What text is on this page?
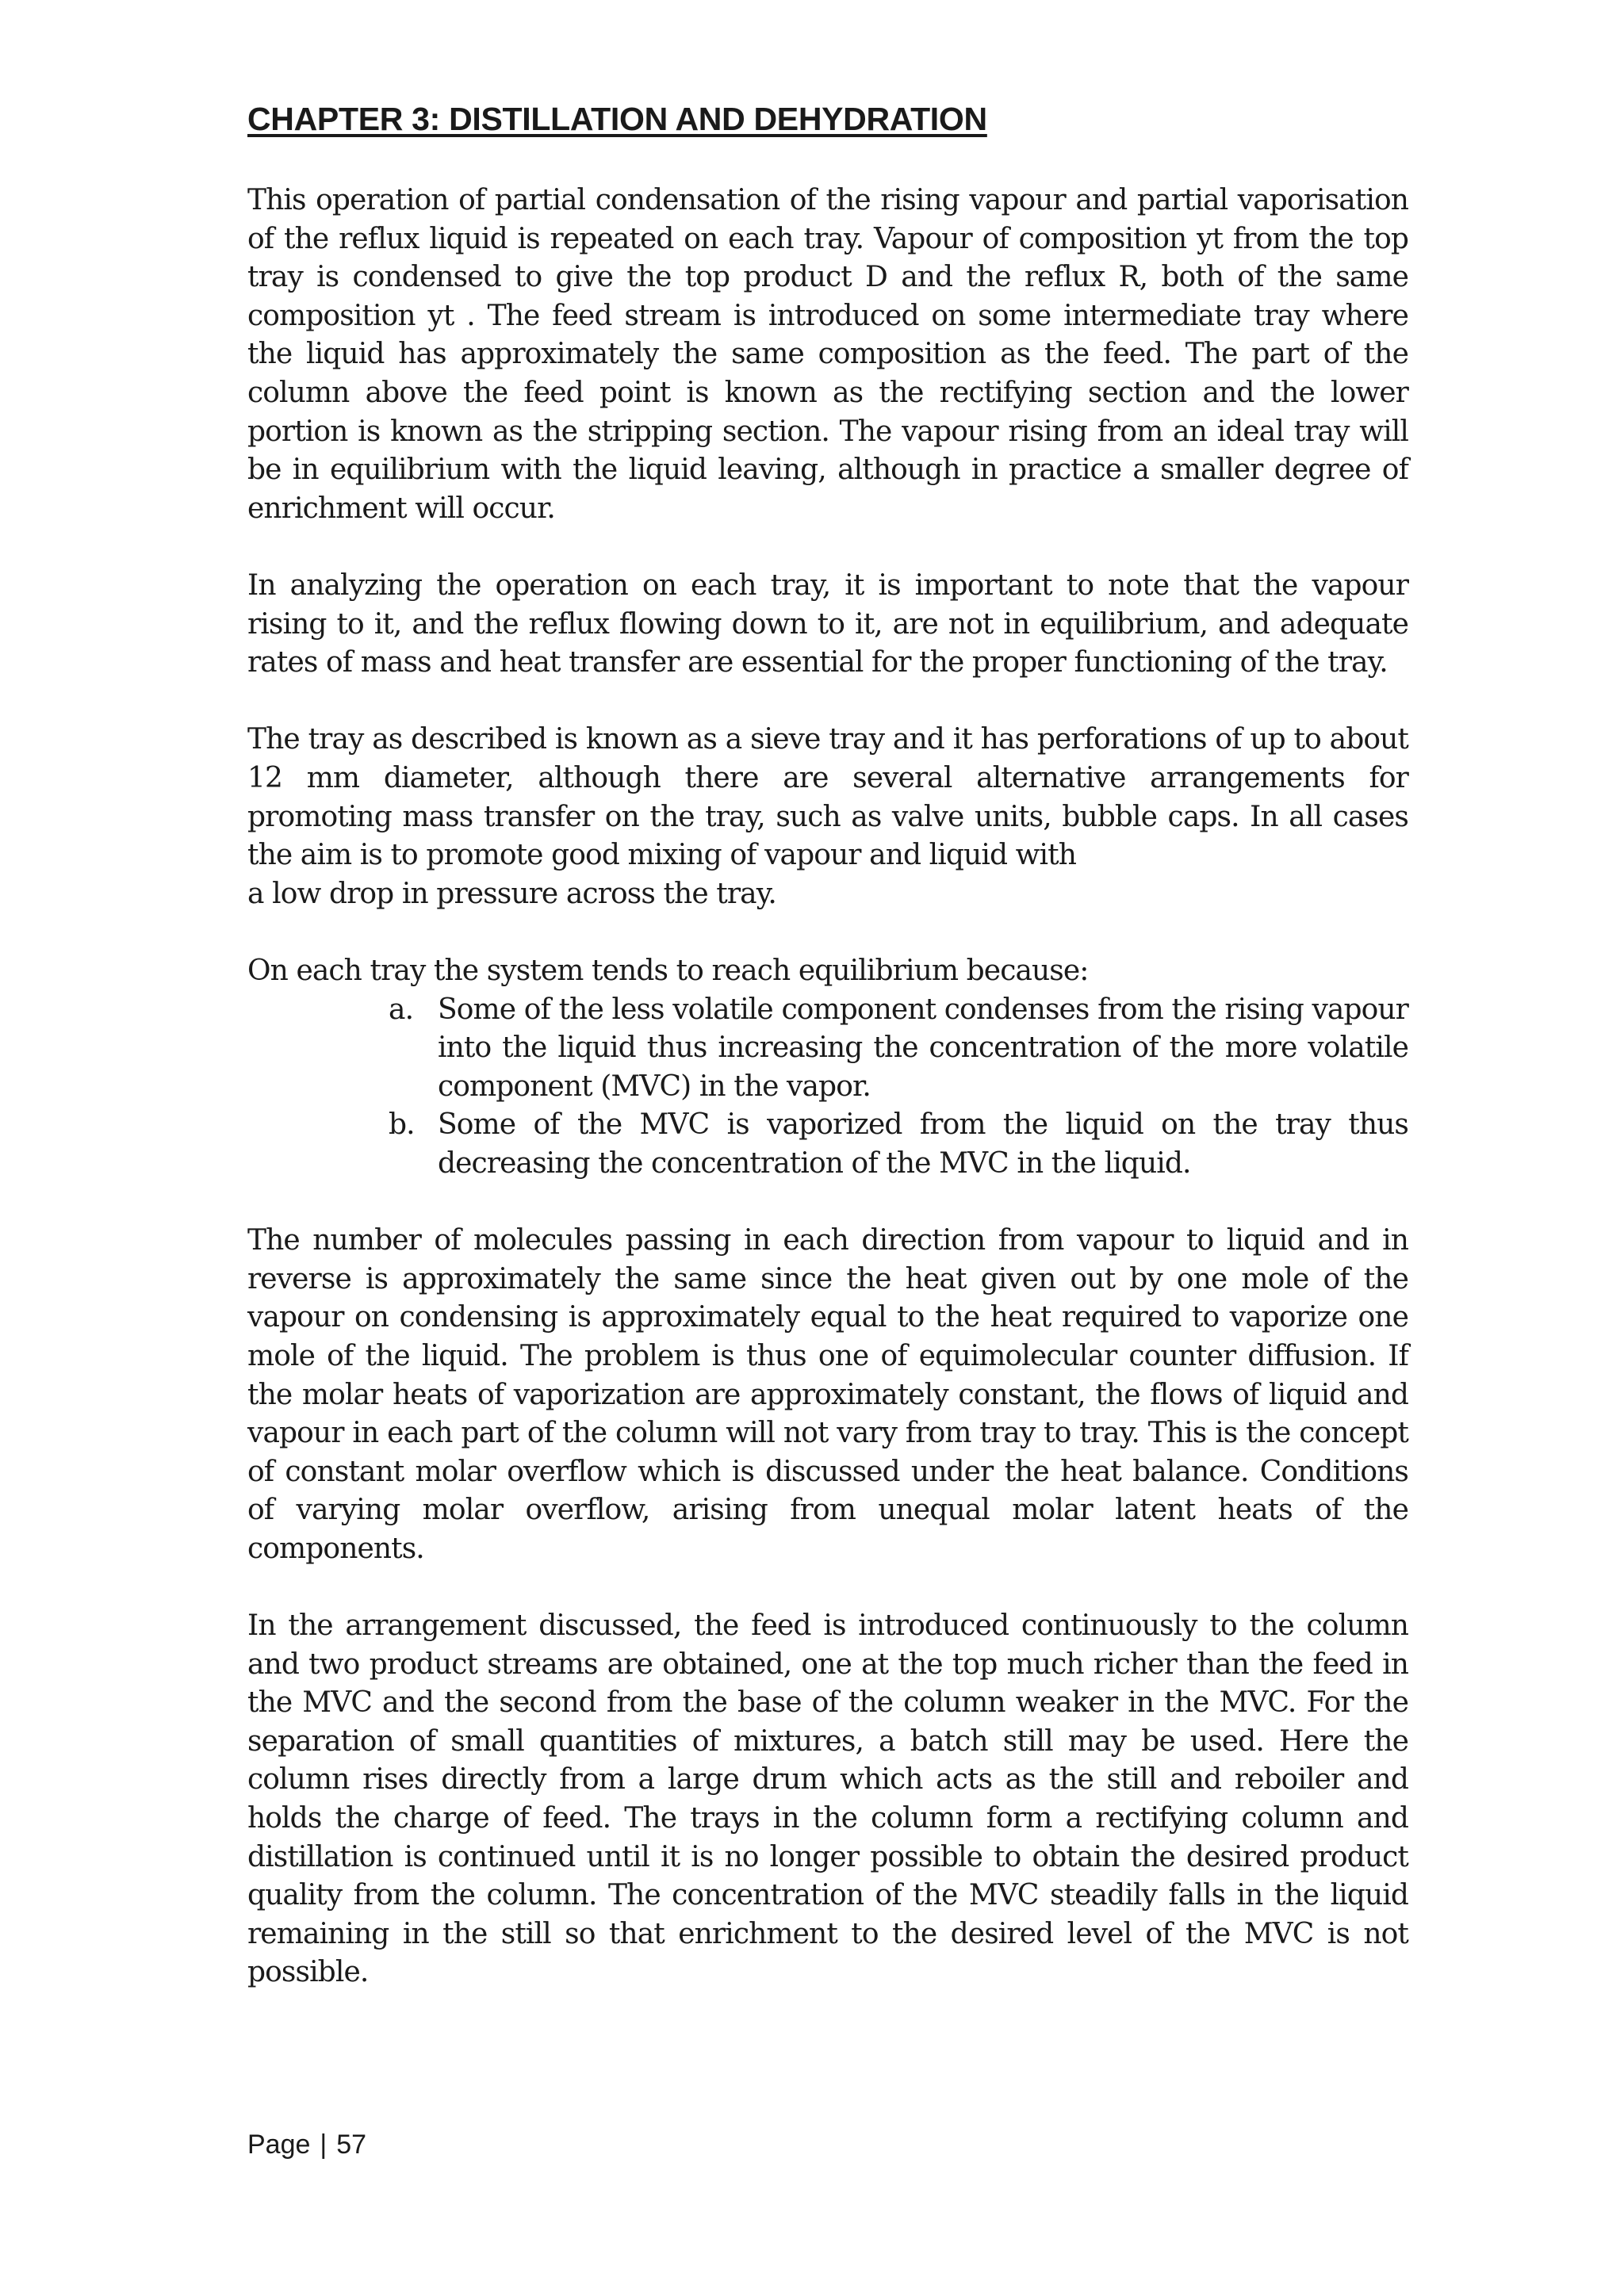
CHAPTER 3: DISTILLATION AND DEHYDRATION

This operation of partial condensation of the rising vapour and partial vaporisation of the reflux liquid is repeated on each tray. Vapour of composition yt from the top tray is condensed to give the top product D and the reflux R, both of the same composition yt . The feed stream is introduced on some intermediate tray where the liquid has approximately the same composition as the feed. The part of the column above the feed point is known as the rectifying section and the lower portion is known as the stripping section. The vapour rising from an ideal tray will be in equilibrium with the liquid leaving, although in practice a smaller degree of enrichment will occur.

In analyzing the operation on each tray, it is important to note that the vapour rising to it, and the reflux flowing down to it, are not in equilibrium, and adequate rates of mass and heat transfer are essential for the proper functioning of the tray.

The tray as described is known as a sieve tray and it has perforations of up to about 12 mm diameter, although there are several alternative arrangements for promoting mass transfer on the tray, such as valve units, bubble caps. In all cases the aim is to promote good mixing of vapour and liquid with

a low drop in pressure across the tray.

On each tray the system tends to reach equilibrium because:

a. Some of the less volatile component condenses from the rising vapour into the liquid thus increasing the concentration of the more volatile component (MVC) in the vapor.
b. Some of the MVC is vaporized from the liquid on the tray thus decreasing the concentration of the MVC in the liquid.

The number of molecules passing in each direction from vapour to liquid and in reverse is approximately the same since the heat given out by one mole of the vapour on condensing is approximately equal to the heat required to vaporize one mole of the liquid. The problem is thus one of equimolecular counter diffusion. If the molar heats of vaporization are approximately constant, the flows of liquid and vapour in each part of the column will not vary from tray to tray. This is the concept of constant molar overflow which is discussed under the heat balance. Conditions of varying molar overflow, arising from unequal molar latent heats of the components.

In the arrangement discussed, the feed is introduced continuously to the column and two product streams are obtained, one at the top much richer than the feed in the MVC and the second from the base of the column weaker in the MVC. For the separation of small quantities of mixtures, a batch still may be used. Here the column rises directly from a large drum which acts as the still and reboiler and holds the charge of feed. The trays in the column form a rectifying column and distillation is continued until it is no longer possible to obtain the desired product quality from the column. The concentration of the MVC steadily falls in the liquid remaining in the still so that enrichment to the desired level of the MVC is not possible.

Page | 57
